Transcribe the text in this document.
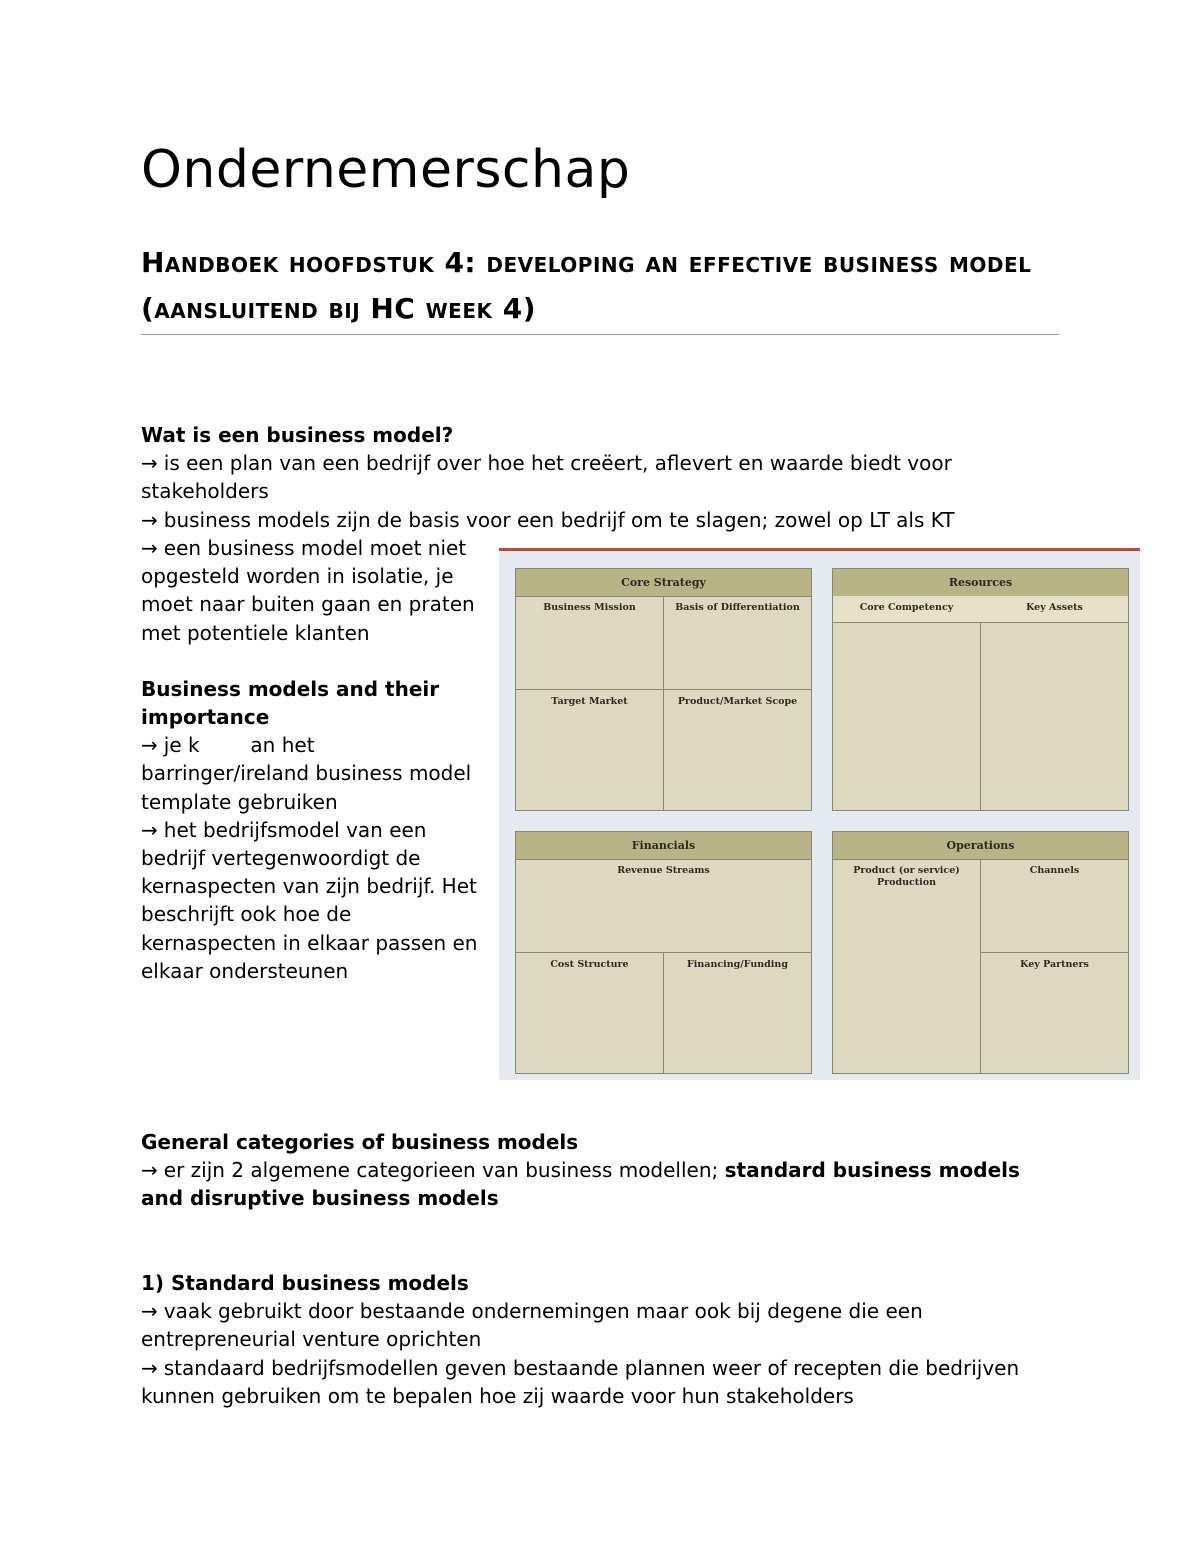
Ondernemerschap
Handboek hoofdstuk 4: developing an effective business model (aansluitend bij HC week 4)

Wat is een business model?

→ is een plan van een bedrijf over hoe het creëert, aflevert en waarde biedt voor stakeholders

→ business models zijn de basis voor een bedrijf om te slagen; zowel op LT als KT

→ een business model moet niet opgesteld worden in isolatie, je moet naar buiten gaan en praten met potentiele klanten

Business models and their importance

→ je k        an het barringer/ireland business model template gebruiken

→ het bedrijfsmodel van een bedrijf vertegenwoordigt de kernaspecten van zijn bedrijf. Het beschrijft ook hoe de kernaspecten in elkaar passen en elkaar ondersteunen

Core Strategy
Business Mission	Basis of Differentiation
Target Market	Product/Market Scope
Resources
Core Competency	Key Assets
Financials
Revenue Streams
Cost Structure	Financing/Funding
Operations
Product (or service) Production
Channels
Key Partners

General categories of business models

→ er zijn 2 algemene categorieen van business modellen; standard business models and disruptive business models

1) Standard business models

→ vaak gebruikt door bestaande ondernemingen maar ook bij degene die een entrepreneurial venture oprichten

→ standaard bedrijfsmodellen geven bestaande plannen weer of recepten die bedrijven kunnen gebruiken om te bepalen hoe zij waarde voor hun stakeholders
